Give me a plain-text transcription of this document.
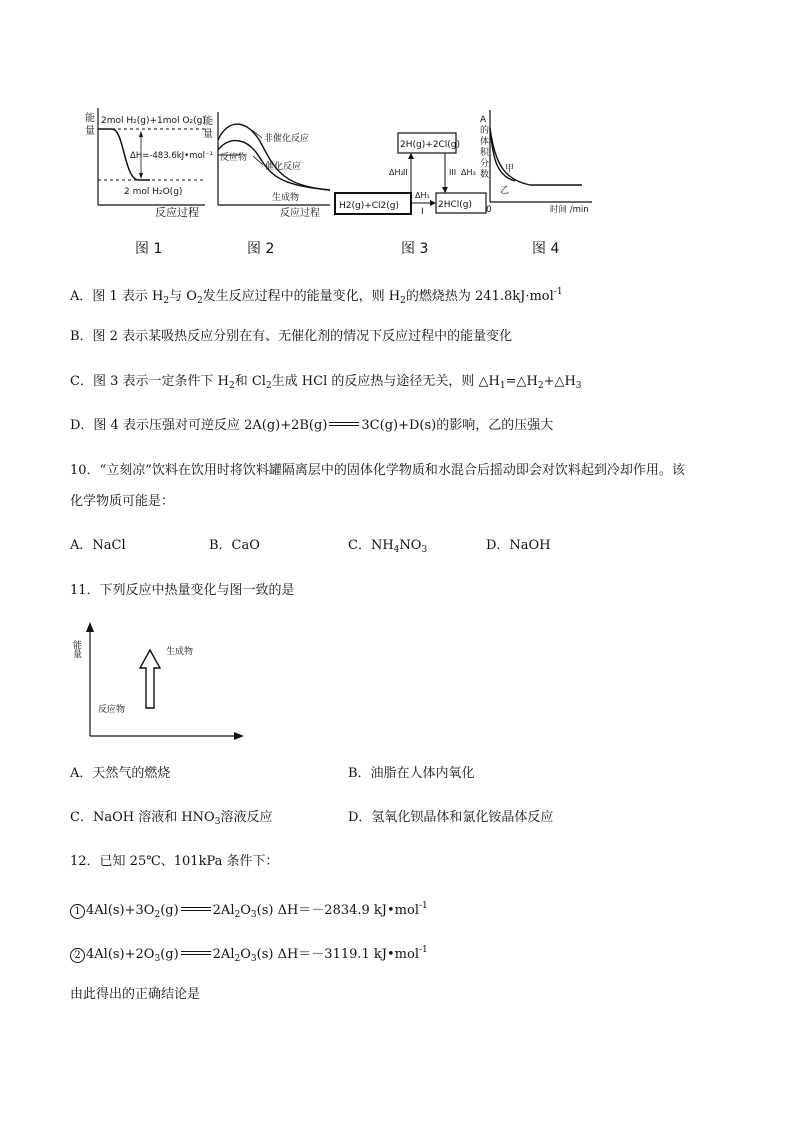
能
量
2mol H₂(g)+1mol O₂(g)
ΔH=-483.6kJ•mol⁻¹
2 mol H₂O(g)
反应过程
能
量	非催化反应
催化反应
反应物
生成物
反应过程
2H(g)+2Cl(g)
H2(g)+Cl2(g)	2HCl(g)
ΔH₁
I
ΔH₂ II	III ΔH₃
A 的 体 积 分 数
甲
乙
0	时间 /min
图 1	图 2	图 3	图 4
A．图 1 表示 $H_2$与 $O_2$发生反应过程中的能量变化，则 $H_2$的燃烧热为 241.8kJ·mol$^{-1}$
B．图 2 表示某吸热反应分别在有、无催化剂的情况下反应过程中的能量变化
C．图 3 表示一定条件下 $H_2$和 $Cl_2$生成 HCl 的反应热与途径无关，则 $\triangle H_1=\triangle H_2+\triangle H_3$
D．图 4 表示压强对可逆反应 2A(g)+2B(g)	3C(g)+D(s)的影响，乙的压强大
10．“立刻凉”饮料在饮用时将饮料罐隔离层中的固体化学物质和水混合后摇动即会对饮料起到冷却作用。该
化学物质可能是：
A．NaCl	B．CaO	C．$NH_4NO_3$	D．NaOH
11．下列反应中热量变化与图一致的是
能量	生成物
反应物
A．天然气的燃烧	B．油脂在人体内氧化
C．NaOH 溶液和 $HNO_3$溶液反应	D．氢氧化钡晶体和氯化铵晶体反应
12．已知 25℃、101kPa 条件下：
1 $4Al(s)+3O_2(g)$	$2Al_2O_3(s)$ ΔH＝－2834.9 kJ•mol$^{-1}$
2 $4Al(s)+2O_3(g)$	$2Al_2O_3(s)$ ΔH＝－3119.1 kJ•mol$^{-1}$
由此得出的正确结论是
